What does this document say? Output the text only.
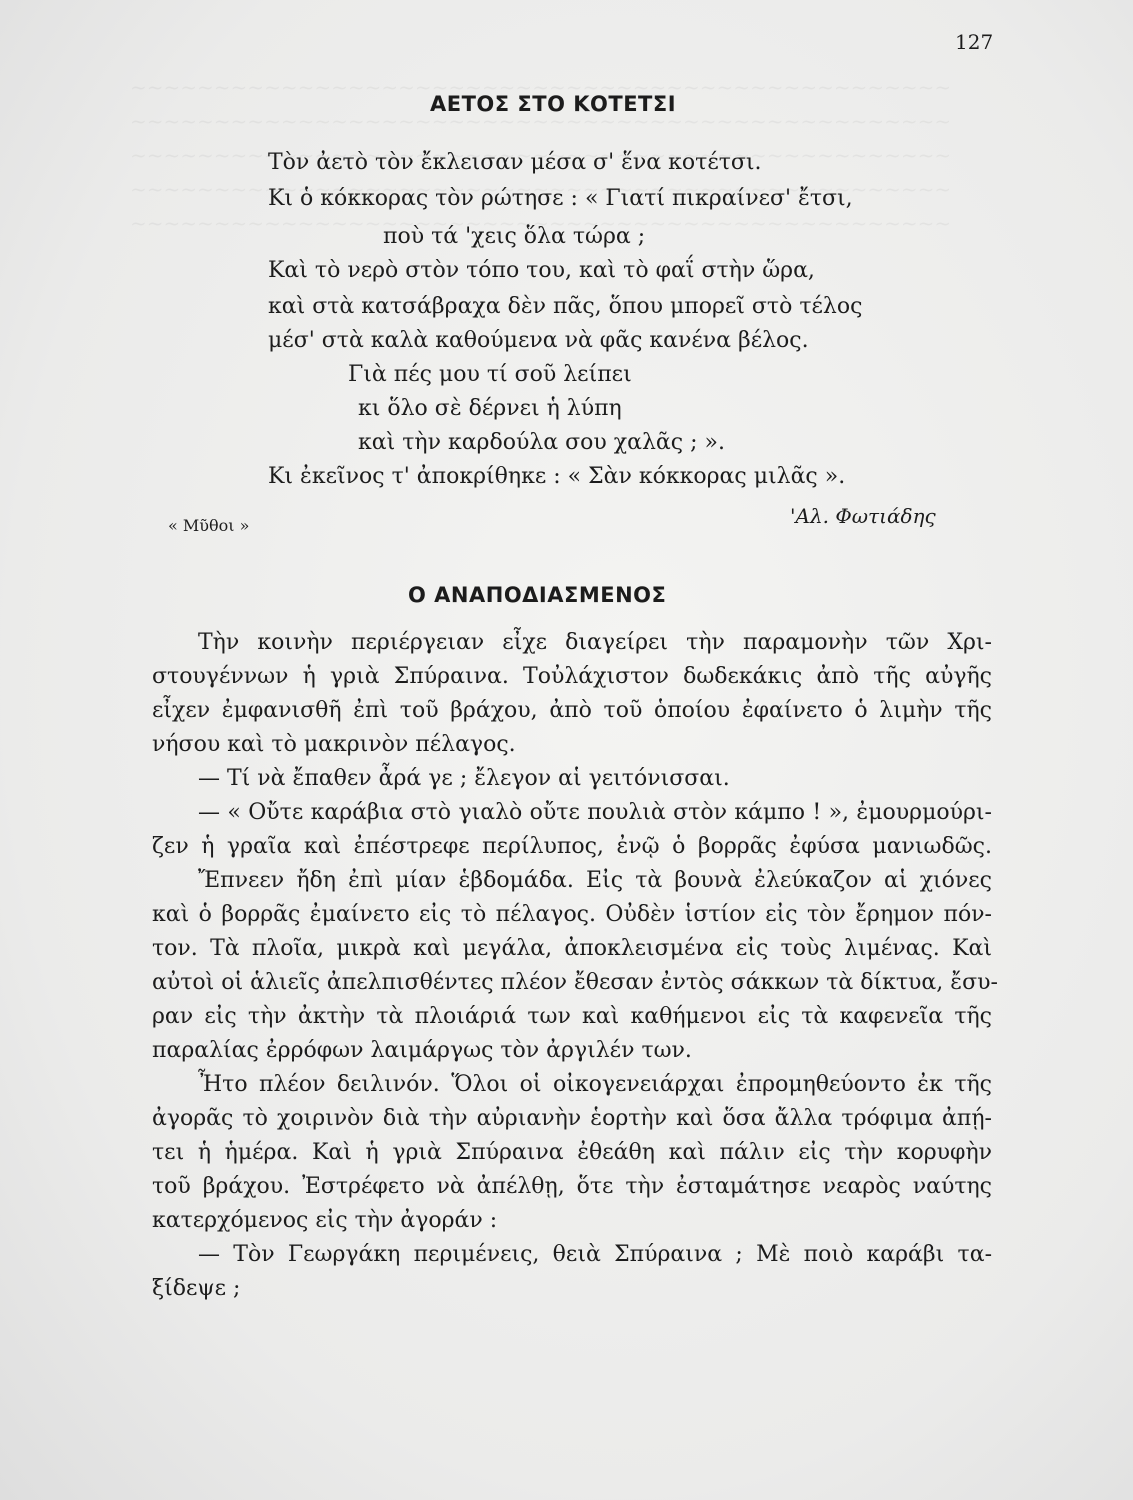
127
ΑΕΤΟΣ ΣΤΟ ΚΟΤΕΤΣΙ
Τὸν ἀετὸ τὸν ἔκλεισαν μέσα σ' ἕνα κοτέτσι.
Κι ὁ κόκκορας τὸν ρώτησε : « Γιατί πικραίνεσ' ἔτσι,
ποὺ τά 'χεις ὅλα τώρα ;
Καὶ τὸ νερὸ στὸν τόπο του, καὶ τὸ φαΐ στὴν ὥρα,
καὶ στὰ κατσάβραχα δὲν πᾶς, ὅπου μπορεῖ στὸ τέλος
μέσ' στὰ καλὰ καθούμενα νὰ φᾶς κανένα βέλος.
Γιὰ πές μου τί σοῦ λείπει
κι ὅλο σὲ δέρνει ἡ λύπη
καὶ τὴν καρδούλα σου χαλᾶς ; ».
Κι ἐκεῖνος τ' ἀποκρίθηκε : « Σὰν κόκκορας μιλᾶς ».
« Μῦθοι »	'Αλ. Φωτιάδης
Ο ΑΝΑΠΟΔΙΑΣΜΕΝΟΣ
Τὴν κοινὴν περιέργειαν εἶχε διαγείρει τὴν παραμονὴν τῶν Χρι-
στουγέννων ἡ γριὰ Σπύραινα. Τοὐλάχιστον δωδεκάκις ἀπὸ τῆς αὐγῆς
εἶχεν ἐμφανισθῆ ἐπὶ τοῦ βράχου, ἀπὸ τοῦ ὁποίου ἐφαίνετο ὁ λιμὴν τῆς
νήσου καὶ τὸ μακρινὸν πέλαγος.
— Τί νὰ ἔπαθεν ἆρά γε ; ἔλεγον αἱ γειτόνισσαι.
— « Οὔτε καράβια στὸ γιαλὸ οὔτε πουλιὰ στὸν κάμπο ! », ἐμουρμούρι-
ζεν ἡ γραῖα καὶ ἐπέστρεφε περίλυπος, ἐνῷ ὁ βορρᾶς ἐφύσα μανιωδῶς.
Ἔπνεεν ἤδη ἐπὶ μίαν ἑβδομάδα. Εἰς τὰ βουνὰ ἐλεύκαζον αἱ χιόνες
καὶ ὁ βορρᾶς ἐμαίνετο εἰς τὸ πέλαγος. Οὐδὲν ἱστίον εἰς τὸν ἔρημον πόν-
τον. Τὰ πλοῖα, μικρὰ καὶ μεγάλα, ἀποκλεισμένα εἰς τοὺς λιμένας. Καὶ
αὐτοὶ οἱ ἁλιεῖς ἀπελπισθέντες πλέον ἔθεσαν ἐντὸς σάκκων τὰ δίκτυα, ἔσυ-
ραν εἰς τὴν ἀκτὴν τὰ πλοιάριά των καὶ καθήμενοι εἰς τὰ καφενεῖα τῆς
παραλίας ἐρρόφων λαιμάργως τὸν ἀργιλέν των.
Ἦτο πλέον δειλινόν. Ὅλοι οἱ οἰκογενειάρχαι ἐπρομηθεύοντο ἐκ τῆς
ἀγορᾶς τὸ χοιρινὸν διὰ τὴν αὐριανὴν ἑορτὴν καὶ ὅσα ἄλλα τρόφιμα ἀπῄ-
τει ἡ ἡμέρα. Καὶ ἡ γριὰ Σπύραινα ἐθεάθη καὶ πάλιν εἰς τὴν κορυφὴν
τοῦ βράχου. Ἐστρέφετο νὰ ἀπέλθῃ, ὅτε τὴν ἐσταμάτησε νεαρὸς ναύτης
κατερχόμενος εἰς τὴν ἀγοράν :
— Τὸν Γεωργάκη περιμένεις, θειὰ Σπύραινα ; Μὲ ποιὸ καράβι τα-
ξίδεψε ;
